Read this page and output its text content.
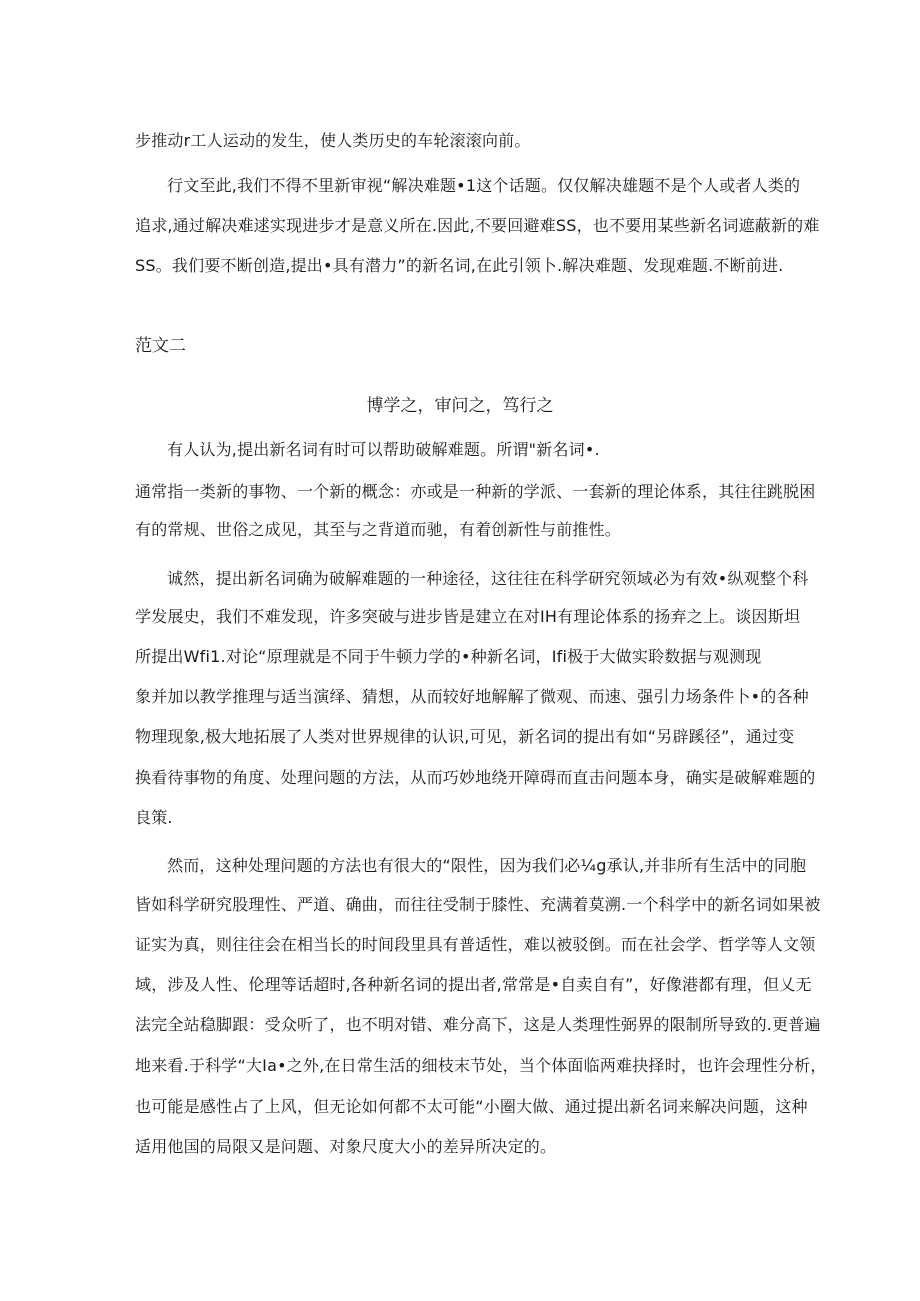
步推动r工人运动的发生，使人类历史的车轮滚滚向前。
行文至此,我们不得不里新审视“解决难题•1这个话题。仅仅解决雄题不是个人或者人类的
追求,通过解决难逑实现进步才是意义所在.因此,不要回避难SS，也不要用某些新名词遮蔽新的难
SS。我们要不断创造,提出•具有潜力”的新名词,在此引领卜.解决难题、发现难题.不断前进.
范文二
博学之，审问之，笃行之
有人认为,提出新名词有时可以帮助破解难题。所谓"新名词•.
通常指一类新的事物、一个新的概念：亦或是一种新的学派、一套新的理论体系，其往往跳脱困
有的常规、世俗之成见，其至与之背道而驰，有着创新性与前推性。
诚然，提出新名词确为破解难题的一种途径，这往往在科学研究领域必为有效•纵观整个科
学发展史，我们不难发现，许多突破与进步皆是建立在对IH有理论体系的扬弃之上。谈因斯坦
所提出Wfi1.对论“原理就是不同于牛顿力学的•种新名词，Ifi极于大做实聆数据与观测现
象并加以教学推理与适当演绎、猜想，从而较好地解解了微观、而速、强引力场条件卜•的各种
物理现象,极大地拓展了人类对世界规律的认识,可见，新名词的提出有如“另辟蹊径”，通过变
换看待事物的角度、处理问题的方法，从而巧妙地绕开障碍而直击问题本身，确实是破解难题的
良策.
然而，这种处理问题的方法也有很大的“限性，因为我们必¼g承认,并非所有生活中的同胞
皆如科学研究股理性、严道、确曲，而往往受制于膝性、充满着莫溯.一个科学中的新名词如果被
证实为真，则往往会在相当长的时间段里具有普适性，难以被驳倒。而在社会学、哲学等人文领
域，涉及人性、伦理等话超时,各种新名词的提出者,常常是•自卖自有”，好像港都有理，但乂无
法完全站稳脚跟：受众听了，也不明对错、难分高下，这是人类理性弼界的限制所导致的.更普遍
地来看.于科学“大Ia•之外,在日常生活的细枝末节处，当个体面临两难抉择时，也许会理性分析，
也可能是感性占了上风，但无论如何都不太可能“小圈大做、通过提出新名词来解决问题，这种
适用他国的局限又是问题、对象尺度大小的差异所决定的。
